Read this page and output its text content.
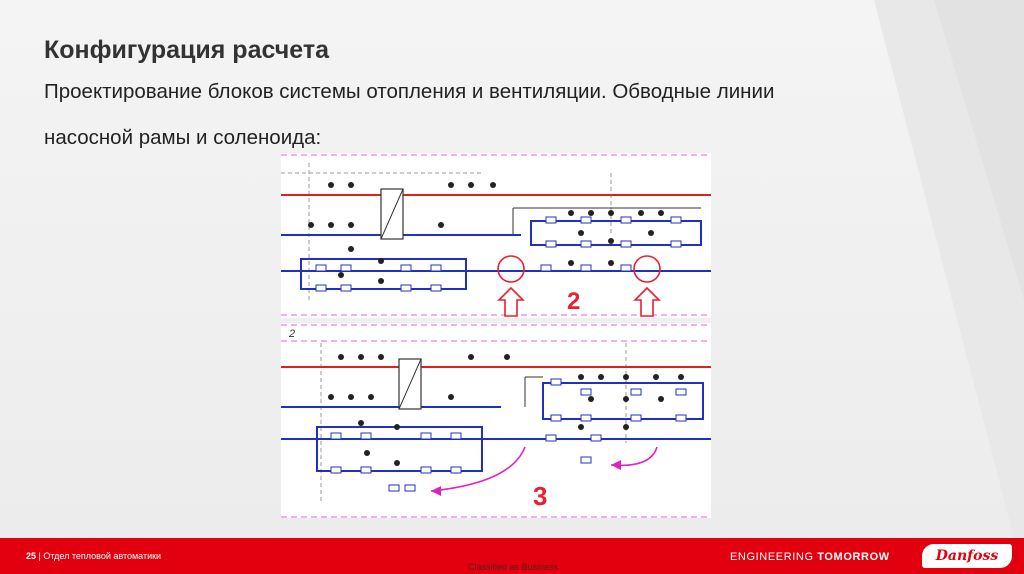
Конфигурация расчета

Проектирование блоков системы отопления и вентиляции. Обводные линии

насосной рамы и соленоида:

2
2
3
25 | Отдел тепловой автоматики
Classified as Business
ENGINEERING TOMORROW	Danfoss
